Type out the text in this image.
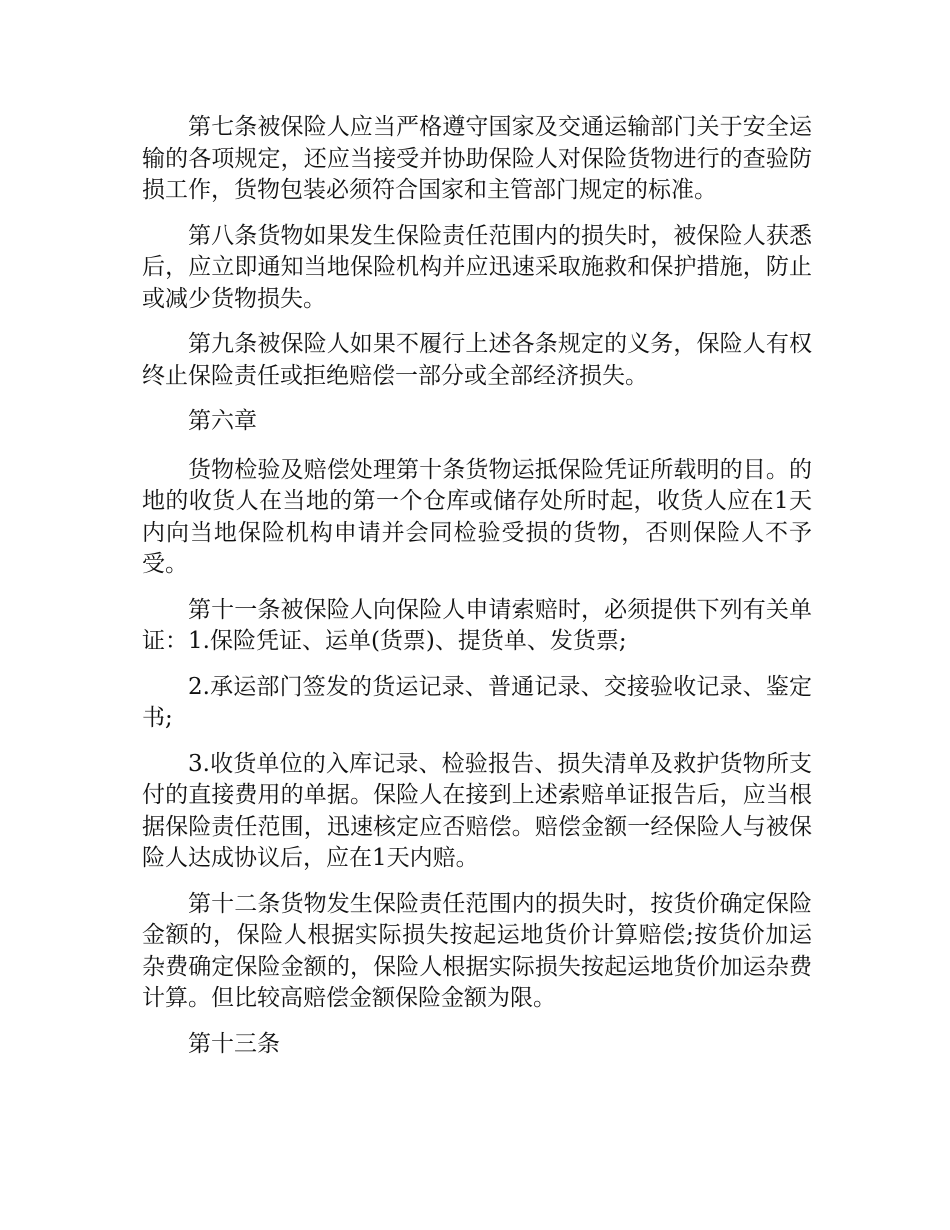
第七条被保险人应当严格遵守国家及交通运输部门关于安全运输的各项规定，还应当接受并协助保险人对保险货物进行的查验防损工作，货物包装必须符合国家和主管部门规定的标准。

第八条货物如果发生保险责任范围内的损失时，被保险人获悉后，应立即通知当地保险机构并应迅速采取施救和保护措施，防止或减少货物损失。

第九条被保险人如果不履行上述各条规定的义务，保险人有权终止保险责任或拒绝赔偿一部分或全部经济损失。

第六章

货物检验及赔偿处理第十条货物运抵保险凭证所载明的目。的地的收货人在当地的第一个仓库或储存处所时起，收货人应在1天内向当地保险机构申请并会同检验受损的货物，否则保险人不予受。

第十一条被保险人向保险人申请索赔时，必须提供下列有关单证：1.保险凭证、运单(货票)、提货单、发货票;

2.承运部门签发的货运记录、普通记录、交接验收记录、鉴定书;

3.收货单位的入库记录、检验报告、损失清单及救护货物所支付的直接费用的单据。保险人在接到上述索赔单证报告后，应当根据保险责任范围，迅速核定应否赔偿。赔偿金额一经保险人与被保险人达成协议后，应在1天内赔。

第十二条货物发生保险责任范围内的损失时，按货价确定保险金额的，保险人根据实际损失按起运地货价计算赔偿;按货价加运杂费确定保险金额的，保险人根据实际损失按起运地货价加运杂费计算。但比较高赔偿金额保险金额为限。

第十三条
